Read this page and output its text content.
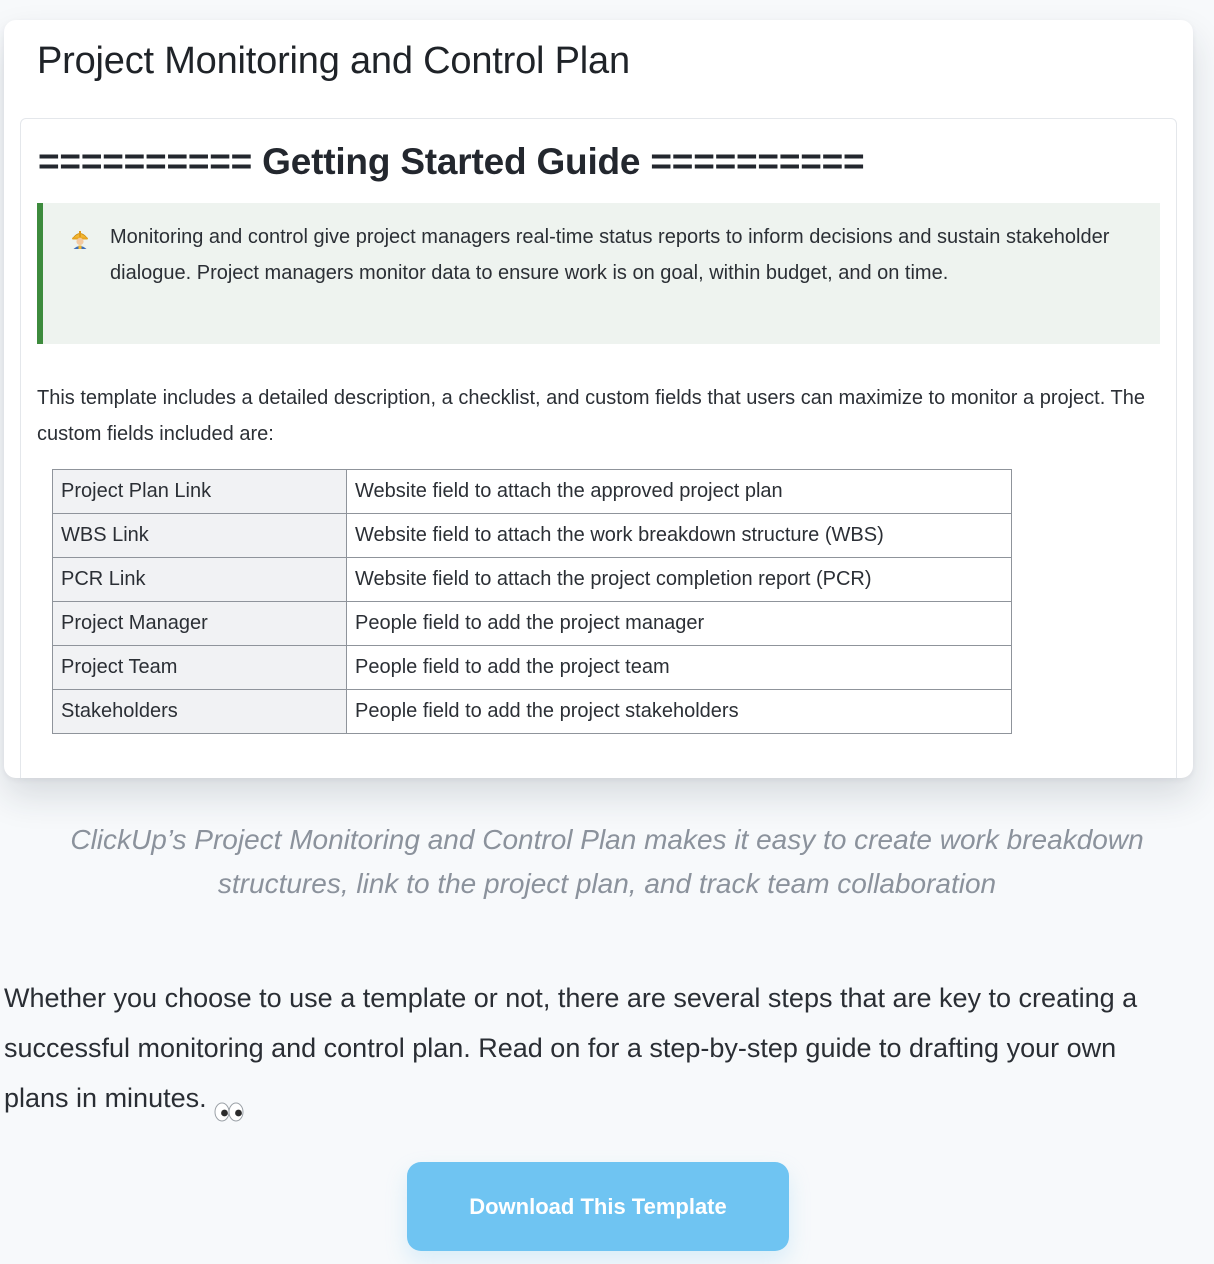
Project Monitoring and Control Plan
========== Getting Started Guide ==========

Monitoring and control give project managers real-time status reports to inform decisions and sustain stakeholder dialogue. Project managers monitor data to ensure work is on goal, within budget, and on time.

This template includes a detailed description, a checklist, and custom fields that users can maximize to monitor a project. The custom fields included are:

Project Plan Link	Website field to attach the approved project plan
WBS Link	Website field to attach the work breakdown structure (WBS)
PCR Link	Website field to attach the project completion report (PCR)
Project Manager	People field to add the project manager
Project Team	People field to add the project team
Stakeholders	People field to add the project stakeholders

ClickUp’s Project Monitoring and Control Plan makes it easy to create work breakdown structures, link to the project plan, and track team collaboration

Whether you choose to use a template or not, there are several steps that are key to creating a successful monitoring and control plan. Read on for a step-by-step guide to drafting your own plans in minutes.

Download This Template
